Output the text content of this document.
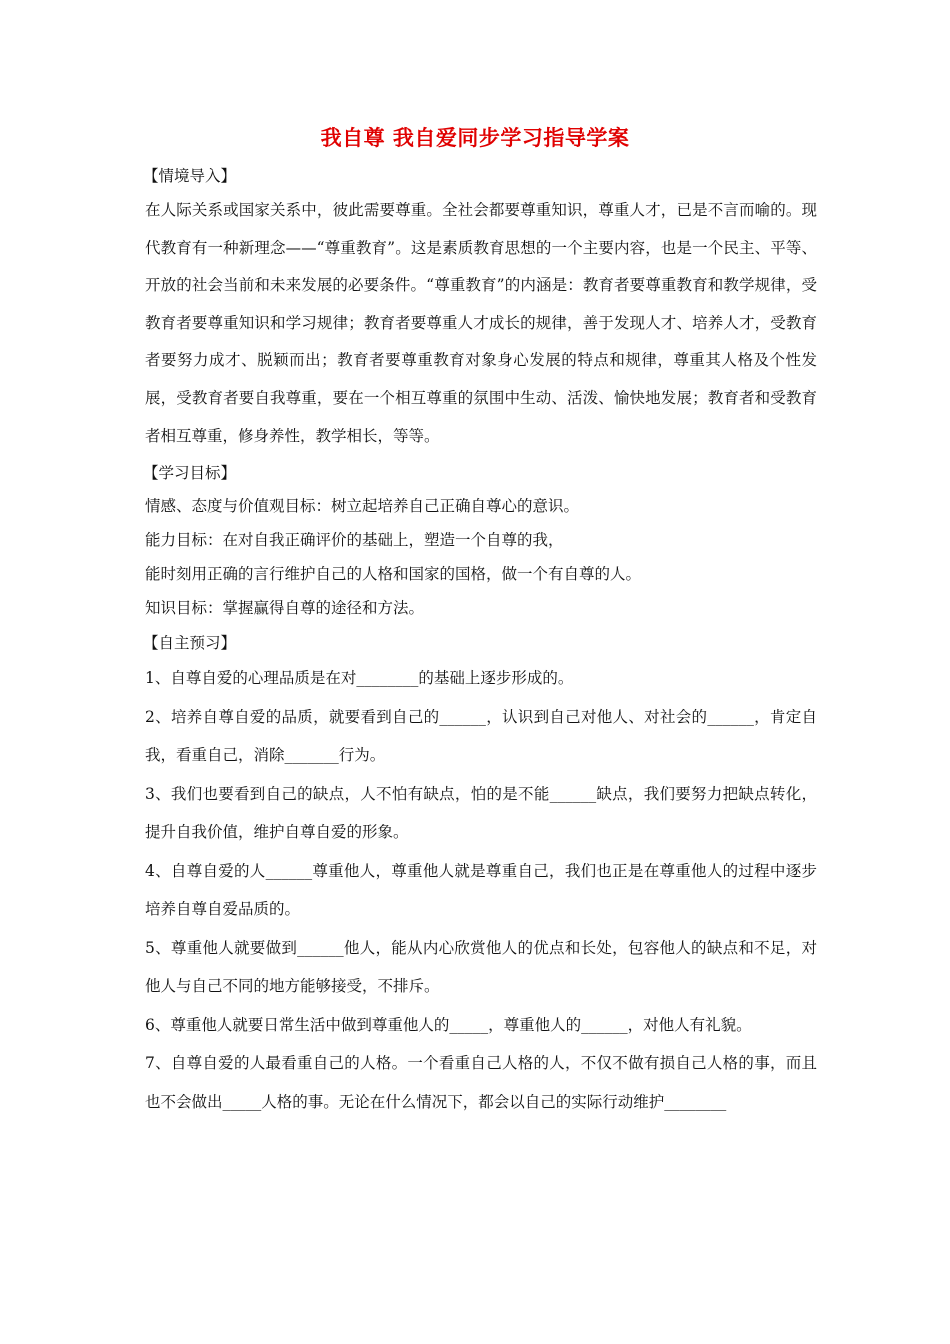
我自尊 我自爱同步学习指导学案
【情境导入】
在人际关系或国家关系中，彼此需要尊重。全社会都要尊重知识，尊重人才，已是不言而喻的。现代教育有一种新理念——“尊重教育”。这是素质教育思想的一个主要内容，也是一个民主、平等、开放的社会当前和未来发展的必要条件。“尊重教育”的内涵是：教育者要尊重教育和教学规律，受教育者要尊重知识和学习规律；教育者要尊重人才成长的规律，善于发现人才、培养人才，受教育者要努力成才、脱颖而出；教育者要尊重教育对象身心发展的特点和规律，尊重其人格及个性发展，受教育者要自我尊重，要在一个相互尊重的氛围中生动、活泼、愉快地发展；教育者和受教育者相互尊重，修身养性，教学相长，等等。
【学习目标】
情感、态度与价值观目标：树立起培养自己正确自尊心的意识。
能力目标：在对自我正确评价的基础上，塑造一个自尊的我，
能时刻用正确的言行维护自己的人格和国家的国格，做一个有自尊的人。
知识目标：掌握赢得自尊的途径和方法。
【自主预习】
1、自尊自爱的心理品质是在对________的基础上逐步形成的。
2、培养自尊自爱的品质，就要看到自己的______，认识到自己对他人、对社会的______，肯定自我，看重自己，消除_______行为。
3、我们也要看到自己的缺点，人不怕有缺点，怕的是不能______缺点，我们要努力把缺点转化，提升自我价值，维护自尊自爱的形象。
4、自尊自爱的人______尊重他人，尊重他人就是尊重自己，我们也正是在尊重他人的过程中逐步培养自尊自爱品质的。
5、尊重他人就要做到______他人，能从内心欣赏他人的优点和长处，包容他人的缺点和不足，对他人与自己不同的地方能够接受，不排斥。
6、尊重他人就要日常生活中做到尊重他人的_____，尊重他人的______，对他人有礼貌。
7、自尊自爱的人最看重自己的人格。一个看重自己人格的人，不仅不做有损自己人格的事，而且也不会做出_____人格的事。无论在什么情况下，都会以自己的实际行动维护________
